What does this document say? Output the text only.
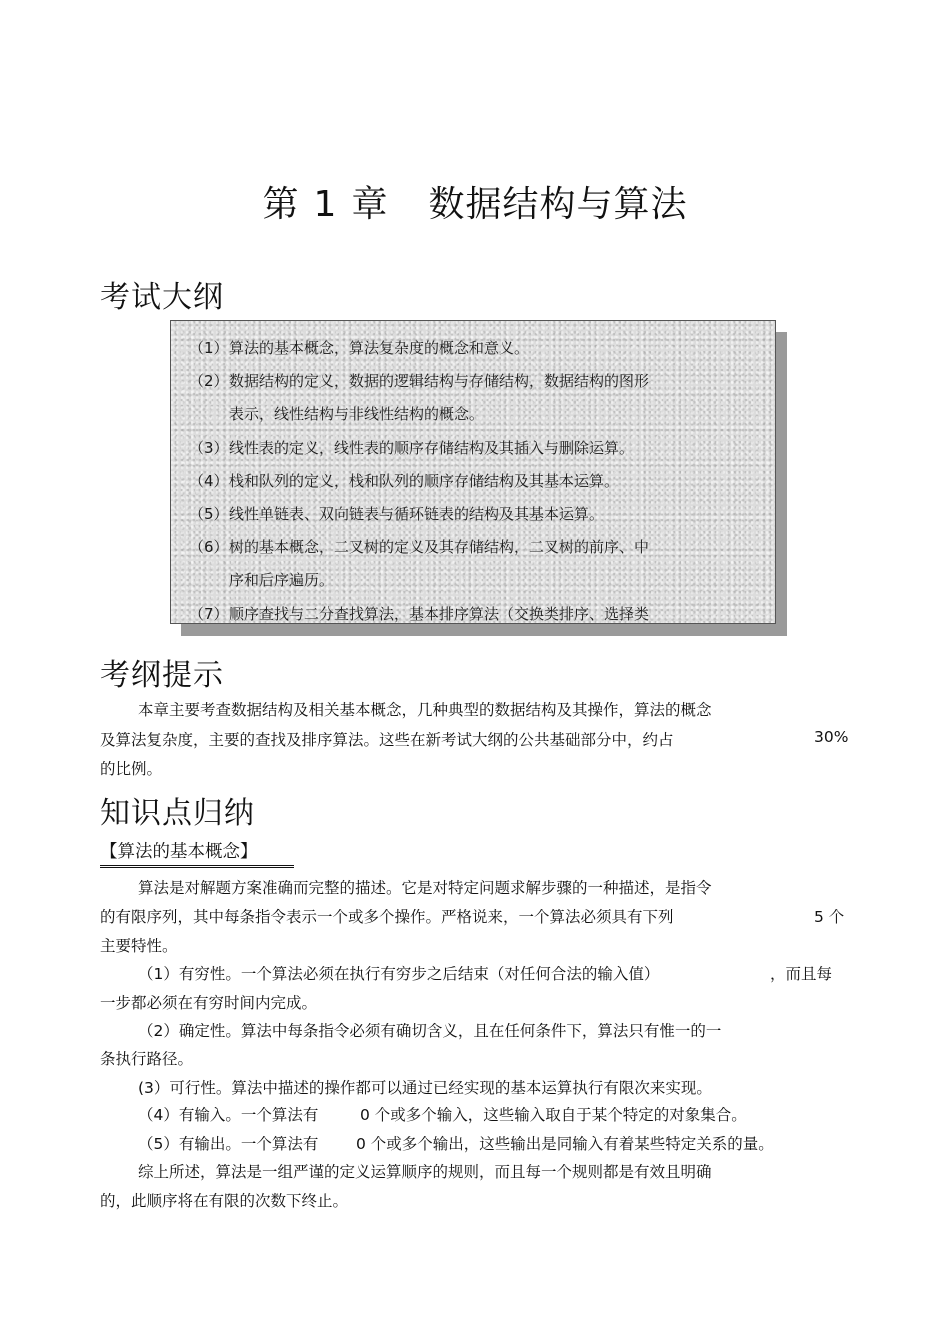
第 1 章 数据结构与算法
考试大纲
（1）算法的基本概念，算法复杂度的概念和意义。
（2）数据结构的定义，数据的逻辑结构与存储结构，数据结构的图形
表示，线性结构与非线性结构的概念。
（3）线性表的定义，线性表的顺序存储结构及其插入与删除运算。
（4）栈和队列的定义，栈和队列的顺序存储结构及其基本运算。
（5）线性单链表、双向链表与循环链表的结构及其基本运算。
（6）树的基本概念，二叉树的定义及其存储结构，二叉树的前序、中
序和后序遍历。
（7）顺序查找与二分查找算法，基本排序算法（交换类排序、选择类
考纲提示
本章主要考查数据结构及相关基本概念，几种典型的数据结构及其操作，算法的概念
及算法复杂度，主要的查找及排序算法。这些在新考试大纲的公共基础部分中，约占	30%
的比例。
知识点归纳
【算法的基本概念】
算法是对解题方案准确而完整的描述。它是对特定问题求解步骤的一种描述，是指令
的有限序列，其中每条指令表示一个或多个操作。严格说来，一个算法必须具有下列	5 个
主要特性。
（1）有穷性。一个算法必须在执行有穷步之后结束（对任何合法的输入值）	，而且每
一步都必须在有穷时间内完成。
（2）确定性。算法中每条指令必须有确切含义，且在任何条件下，算法只有惟一的一
条执行路径。
(3）可行性。算法中描述的操作都可以通过已经实现的基本运算执行有限次来实现。
（4）有输入。一个算法有	0 个或多个输入，这些输入取自于某个特定的对象集合。
（5）有输出。一个算法有 0 个或多个输出，这些输出是同输入有着某些特定关系的量。
综上所述，算法是一组严谨的定义运算顺序的规则，而且每一个规则都是有效且明确
的，此顺序将在有限的次数下终止。
